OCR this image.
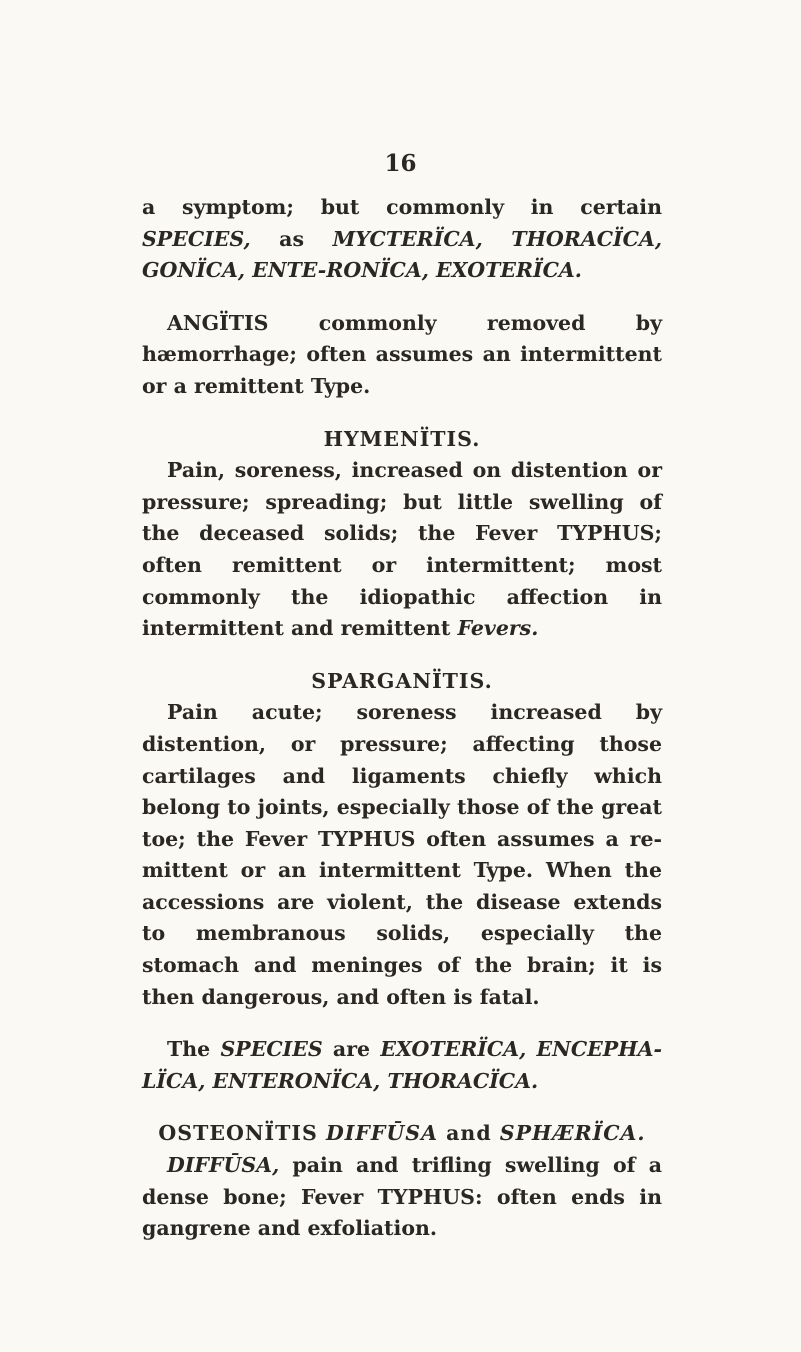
16

a symptom; but commonly in certain SPECIES, as MYCTERÏCA, THORACÏCA, GONÏCA, ENTE-RONÏCA, EXOTERÏCA.

ANGÏTIS commonly removed by hæmorrhage; often assumes an intermittent or a remittent Type.

HYMENÏTIS.

Pain, soreness, increased on distention or pressure; spreading; but little swelling of the deceased solids; the Fever TYPHUS; often remittent or intermittent; most commonly the idiopathic affection in intermittent and remittent Fevers.

SPARGANÏTIS.

Pain acute; soreness increased by distention, or pressure; affecting those cartilages and ligaments chiefly which belong to joints, especially those of the great toe; the Fever TYPHUS often assumes a re-mittent or an intermittent Type. When the accessions are violent, the disease extends to membranous solids, especially the stomach and meninges of the brain; it is then dangerous, and often is fatal.

The SPECIES are EXOTERÏCA, ENCEPHA-LÏCA, ENTERONÏCA, THORACÏCA.

OSTEONÏTIS DIFFŪSA and SPHÆRÏCA.

DIFFŪSA, pain and trifling swelling of a dense bone; Fever TYPHUS: often ends in gangrene and exfoliation.
